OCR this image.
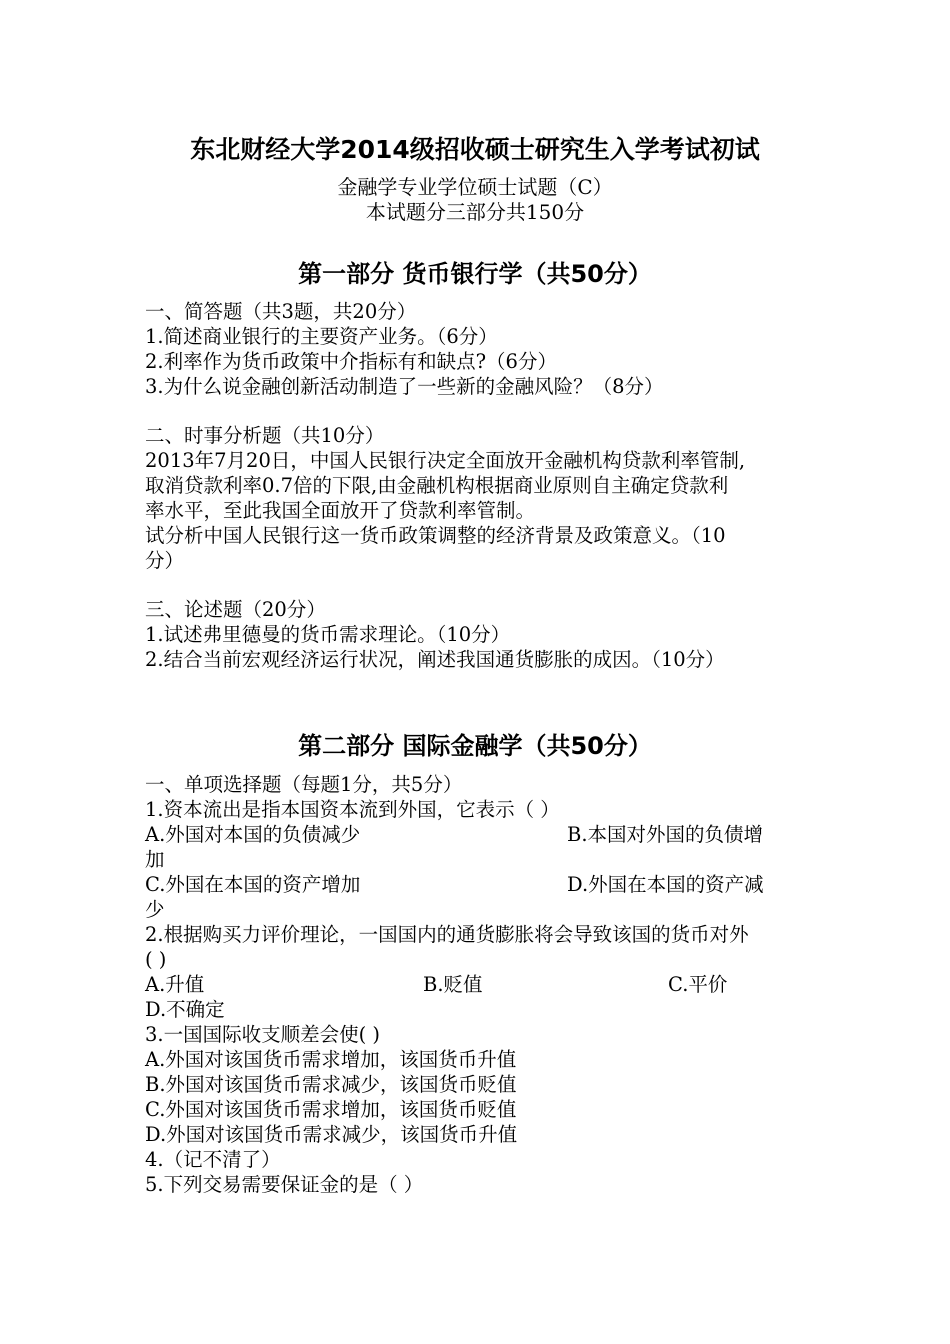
东北财经大学2014级招收硕士研究生入学考试初试
金融学专业学位硕士试题（C）
本试题分三部分共150分
第一部分 货币银行学（共50分）
一、简答题（共3题，共20分）
1.简述商业银行的主要资产业务。（6分）
2.利率作为货币政策中介指标有和缺点?（6分）
3.为什么说金融创新活动制造了一些新的金融风险？（8分）
二、时事分析题（共10分）
2013年7月20日，中国人民银行决定全面放开金融机构贷款利率管制,
取消贷款利率0.7倍的下限,由金融机构根据商业原则自主确定贷款利
率水平，至此我国全面放开了贷款利率管制。
试分析中国人民银行这一货币政策调整的经济背景及政策意义。（10
分）
三、论述题（20分）
1.试述弗里德曼的货币需求理论。（10分）
2.结合当前宏观经济运行状况，阐述我国通货膨胀的成因。（10分）
第二部分 国际金融学（共50分）
一、单项选择题（每题1分，共5分）
1.资本流出是指本国资本流到外国，它表示（ ）
A.外国对本国的负债减少	B.本国对外国的负债增
加
C.外国在本国的资产增加	D.外国在本国的资产减
少
2.根据购买力评价理论，一国国内的通货膨胀将会导致该国的货币对外
( )
A.升值	B.贬值	C.平价
D.不确定
3.一国国际收支顺差会使( )
A.外国对该国货币需求增加，该国货币升值
B.外国对该国货币需求减少，该国货币贬值
C.外国对该国货币需求增加，该国货币贬值
D.外国对该国货币需求减少，该国货币升值
4.（记不清了）
5.下列交易需要保证金的是（ ）
